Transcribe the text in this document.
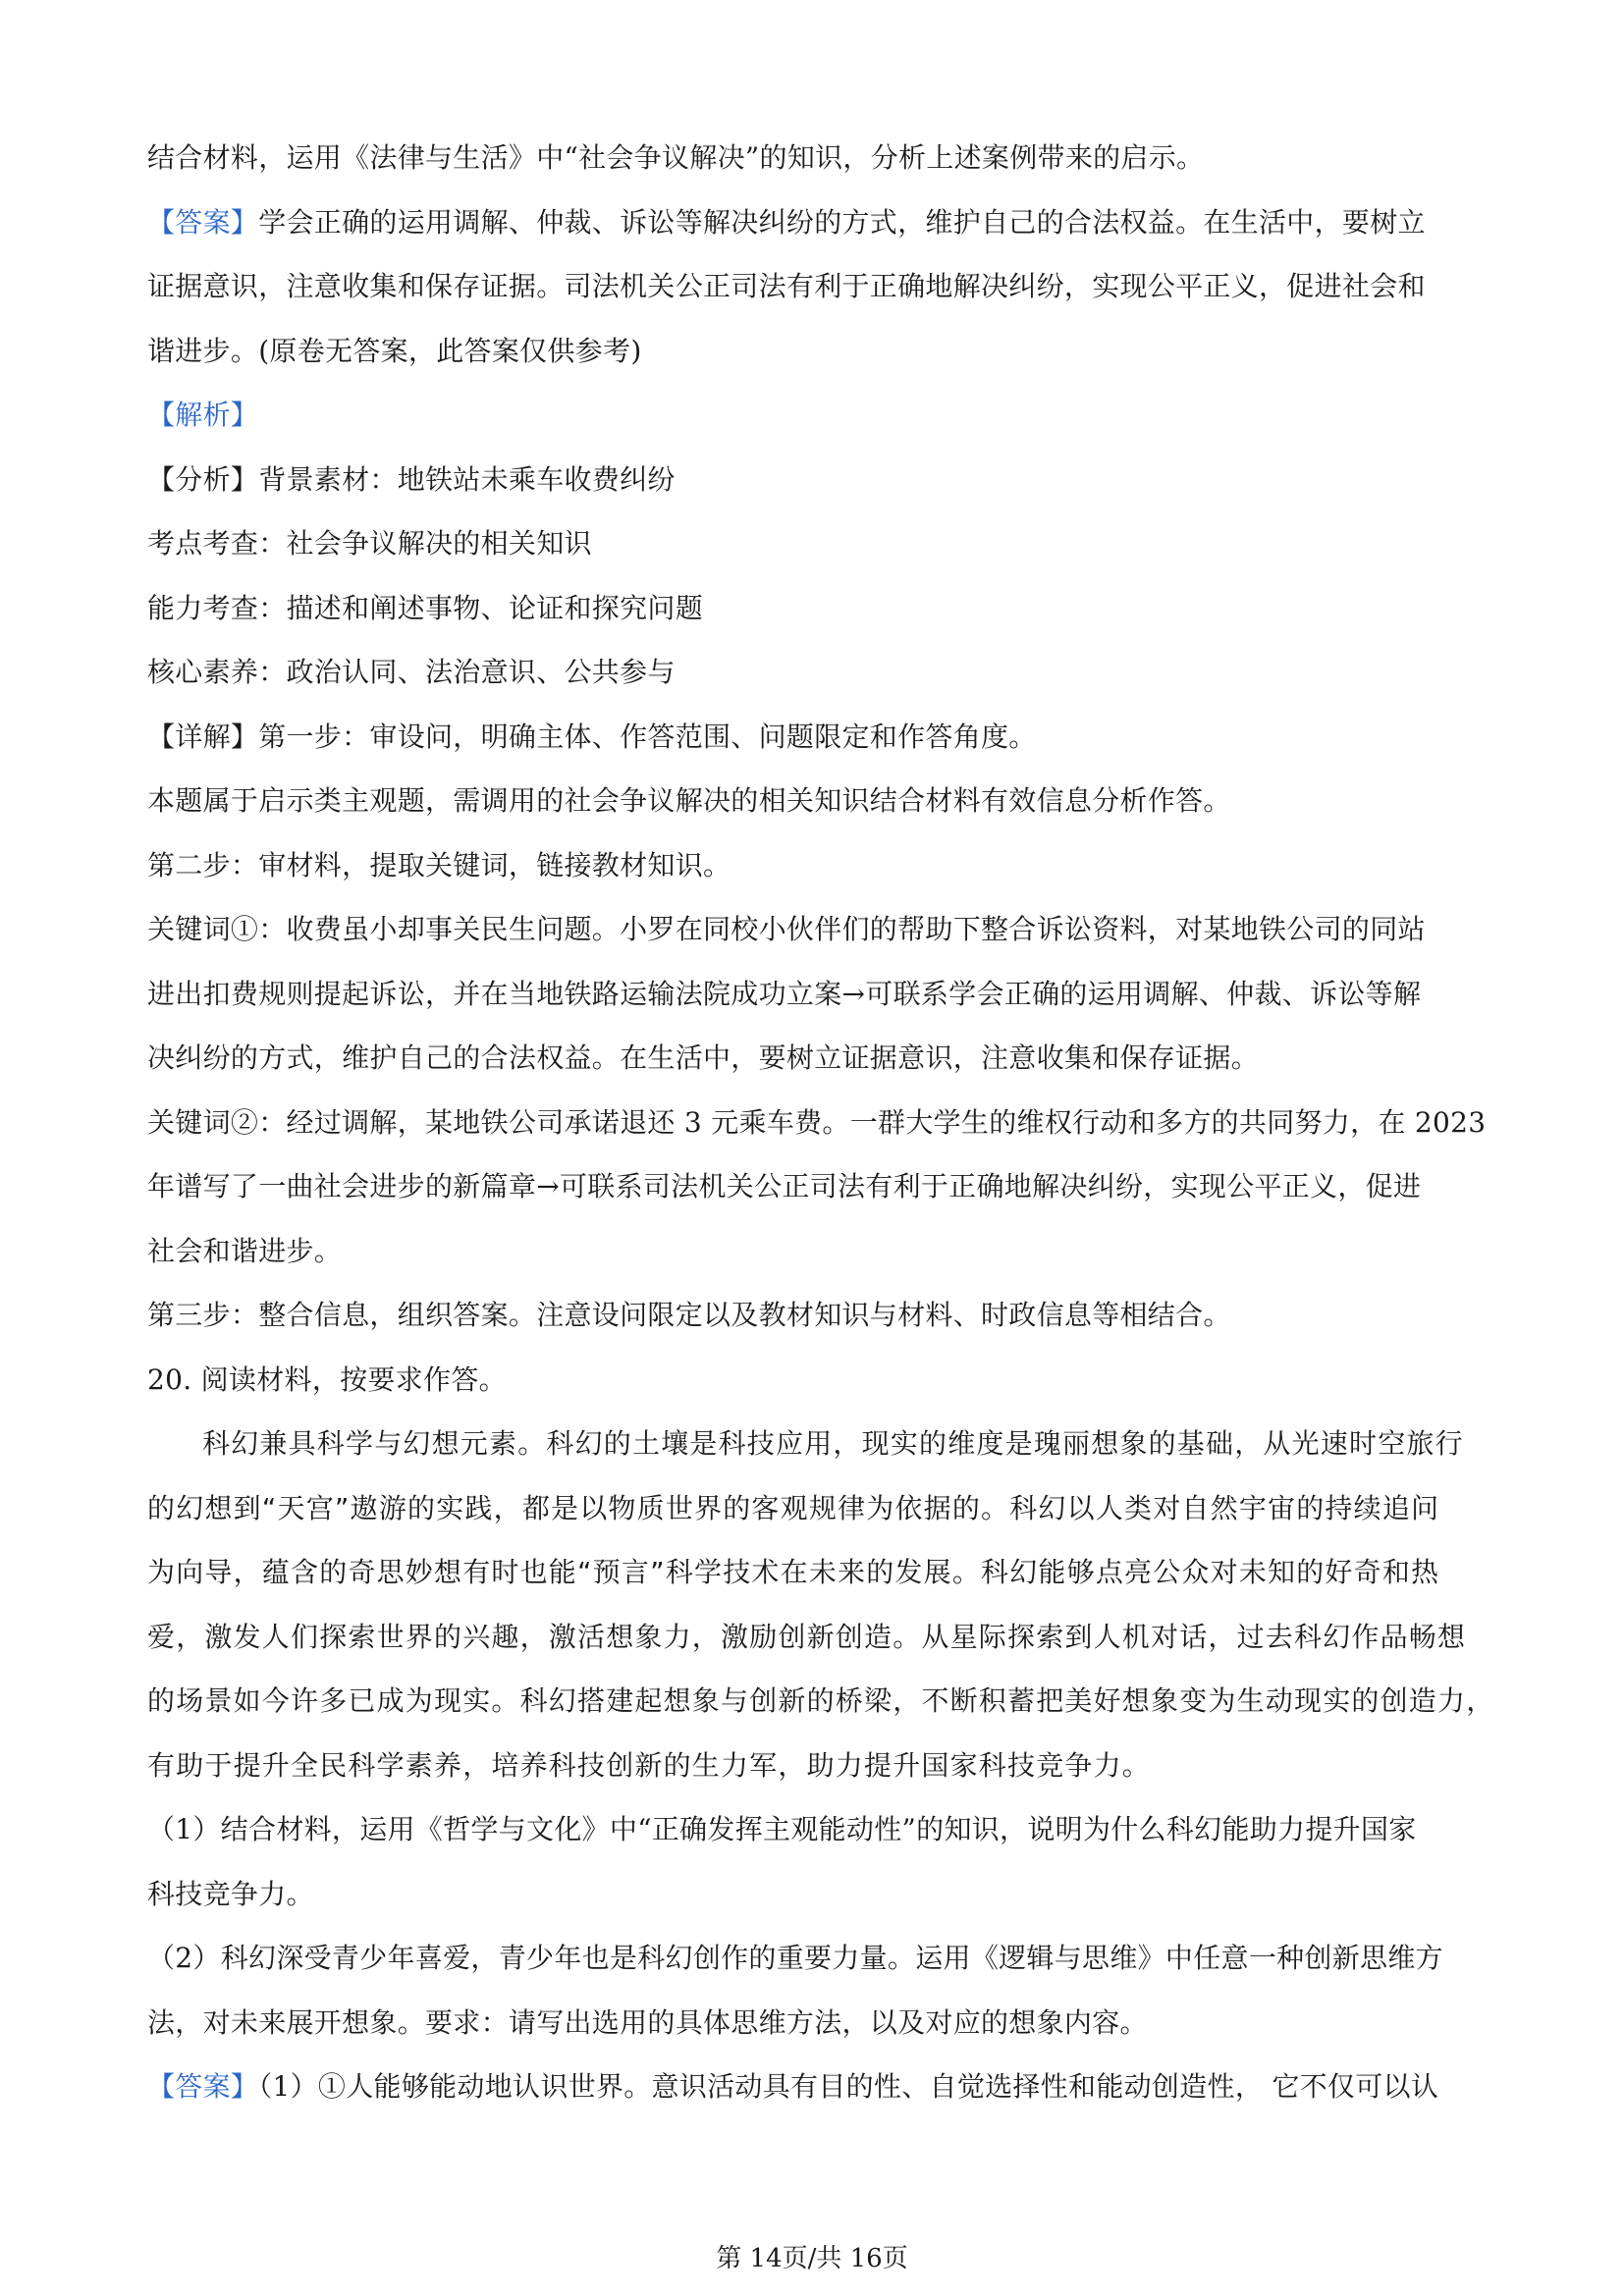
结合材料，运用《法律与生活》中“社会争议解决”的知识，分析上述案例带来的启示。
【答案】学会正确的运用调解、仲裁、诉讼等解决纠纷的方式，维护自己的合法权益。在生活中，要树立
证据意识，注意收集和保存证据。司法机关公正司法有利于正确地解决纠纷，实现公平正义，促进社会和
谐进步。(原卷无答案，此答案仅供参考)
【解析】
【分析】背景素材：地铁站未乘车收费纠纷
考点考查：社会争议解决的相关知识
能力考查：描述和阐述事物、论证和探究问题
核心素养：政治认同、法治意识、公共参与
【详解】第一步：审设问，明确主体、作答范围、问题限定和作答角度。
本题属于启示类主观题，需调用的社会争议解决的相关知识结合材料有效信息分析作答。
第二步：审材料，提取关键词，链接教材知识。
关键词①：收费虽小却事关民生问题。小罗在同校小伙伴们的帮助下整合诉讼资料，对某地铁公司的同站
进出扣费规则提起诉讼，并在当地铁路运输法院成功立案→可联系学会正确的运用调解、仲裁、诉讼等解
决纠纷的方式，维护自己的合法权益。在生活中，要树立证据意识，注意收集和保存证据。
关键词②：经过调解，某地铁公司承诺退还 3 元乘车费。一群大学生的维权行动和多方的共同努力，在 2023
年谱写了一曲社会进步的新篇章→可联系司法机关公正司法有利于正确地解决纠纷，实现公平正义，促进
社会和谐进步。
第三步：整合信息，组织答案。注意设问限定以及教材知识与材料、时政信息等相结合。
20. 阅读材料，按要求作答。
科幻兼具科学与幻想元素。科幻的土壤是科技应用，现实的维度是瑰丽想象的基础，从光速时空旅行
的幻想到“天宫”遨游的实践，都是以物质世界的客观规律为依据的。科幻以人类对自然宇宙的持续追问
为向导，蕴含的奇思妙想有时也能“预言”科学技术在未来的发展。科幻能够点亮公众对未知的好奇和热
爱，激发人们探索世界的兴趣，激活想象力，激励创新创造。从星际探索到人机对话，过去科幻作品畅想
的场景如今许多已成为现实。科幻搭建起想象与创新的桥梁，不断积蓄把美好想象变为生动现实的创造力，
有助于提升全民科学素养，培养科技创新的生力军，助力提升国家科技竞争力。
（1）结合材料，运用《哲学与文化》中“正确发挥主观能动性”的知识，说明为什么科幻能助力提升国家
科技竞争力。
（2）科幻深受青少年喜爱，青少年也是科幻创作的重要力量。运用《逻辑与思维》中任意一种创新思维方
法，对未来展开想象。要求：请写出选用的具体思维方法，以及对应的想象内容。
【答案】（1）①人能够能动地认识世界。意识活动具有目的性、自觉选择性和能动创造性， 它不仅可以认
第 14页/共 16页
